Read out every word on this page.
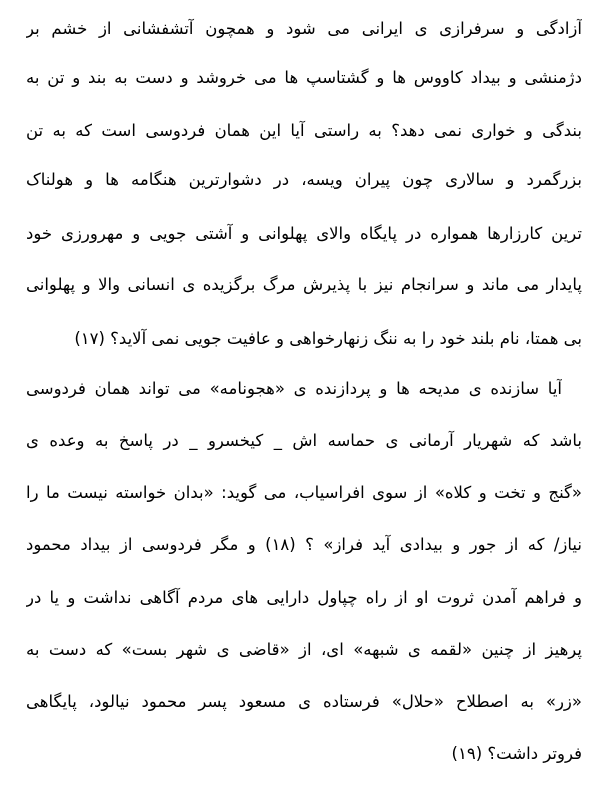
آزادگی و سرفرازی ی ایرانی می شود و همچون آتشفشانی از خشم بر
دژمنشی و بیداد کاووس ها و گشتاسپ ها می خروشد و دست به بند و تن به
بندگی و خواری نمی دهد؟ به راستی آیا این همان فردوسی است که به تن
بزرگمرد و سالاری چون پیران ویسه، در دشوارترین هنگامه ها و هولناک
ترین کارزارها همواره در پایگاه والای پهلوانی و آشتی جویی و مهرورزی خود
پایدار می ماند و سرانجام نیز با پذیرش مرگ برگزیده ی انسانی والا و پهلوانی
بی همتا، نام بلند خود را به ننگ زنهارخواهی و عافیت جویی نمی آلاید؟ (۱۷)
آیا سازنده ی مدیحه ها و پردازنده ی «هجونامه» می تواند همان فردوسی
باشد که شهریار آرمانی ی حماسه اش _ کیخسرو _ در پاسخ به وعده ی
«گنج و تخت و کلاه» از سوی افراسیاب، می گوید: «بدان خواسته نیست ما را
نیاز/ که از جور و بیدادی آید فراز» ؟ (۱۸) و مگر فردوسی از بیداد محمود
و فراهم آمدن ثروت او از راه چپاول دارایی های مردم آگاهی نداشت و یا در
پرهیز از چنین «لقمه ی شبهه» ای، از «قاضی ی شهر بست» که دست به
«زر» به اصطلاح «حلال» فرستاده ی مسعود پسر محمود نیالود، پایگاهی
فروتر داشت؟ (۱۹)
